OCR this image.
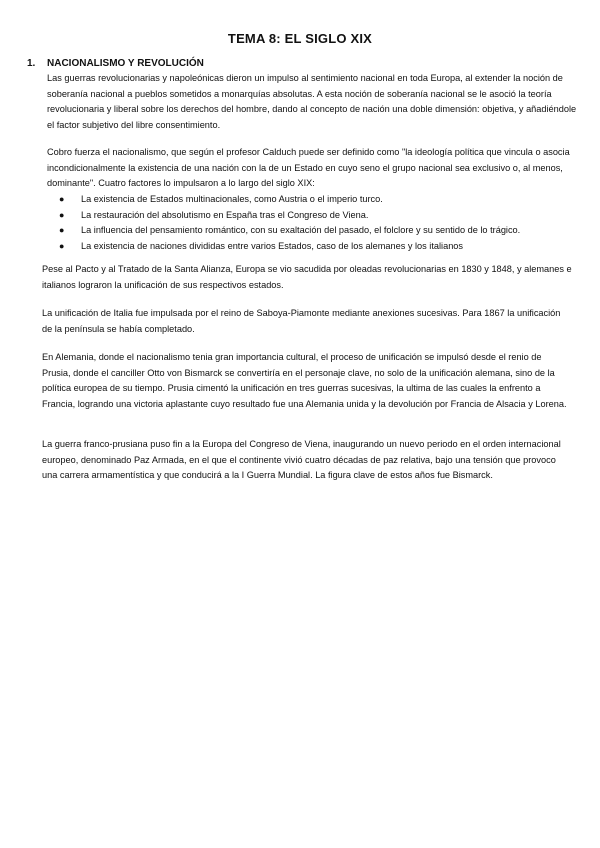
TEMA 8: EL SIGLO XIX
1.	NACIONALISMO Y REVOLUCIÓN
Las guerras revolucionarias y napoleónicas dieron un impulso al sentimiento nacional en toda Europa, al extender la noción de soberanía nacional a pueblos sometidos a monarquías absolutas. A esta noción de soberanía nacional se le asoció la teoría revolucionaria y liberal sobre los derechos del hombre, dando al concepto de nación una doble dimensión: objetiva, y añadiéndole el factor subjetivo del libre consentimiento.
Cobro fuerza el nacionalismo, que según el profesor Calduch puede ser definido como "la ideología política que vincula o asocia incondicionalmente la existencia de una nación con la de un Estado en cuyo seno el grupo nacional sea exclusivo o, al menos, dominante". Cuatro factores lo impulsaron a lo largo del siglo XIX:
●	La existencia de Estados multinacionales, como Austria o el imperio turco.
●	La restauración del absolutismo en España tras el Congreso de Viena.
●	La influencia del pensamiento romántico, con su exaltación del pasado, el folclore y su sentido de lo trágico.
●	La existencia de naciones divididas entre varios Estados, caso de los alemanes y los italianos
Pese al Pacto y al Tratado de la Santa Alianza, Europa se vio sacudida por oleadas revolucionarias en 1830 y 1848, y alemanes e italianos lograron la unificación de sus respectivos estados.
La unificación de Italia fue impulsada por el reino de Saboya-Piamonte mediante anexiones sucesivas. Para 1867 la unificación de la península se había completado.
En Alemania, donde el nacionalismo tenia gran importancia cultural, el proceso de unificación se impulsó desde el renio de Prusia, donde el canciller Otto von Bismarck se convertiría en el personaje clave, no solo de la unificación alemana, sino de la política europea de su tiempo. Prusia cimentó la unificación en tres guerras sucesivas, la ultima de las cuales la enfrento a Francia, logrando una victoria aplastante cuyo resultado fue una Alemania unida y la devolución por Francia de Alsacia y Lorena.
La guerra franco-prusiana puso fin a la Europa del Congreso de Viena, inaugurando un nuevo periodo en el orden internacional europeo, denominado Paz Armada, en el que el continente vivió cuatro décadas de paz relativa, bajo una tensión que provoco una carrera armamentística y que conducirá a la I Guerra Mundial. La figura clave de estos años fue Bismarck.
